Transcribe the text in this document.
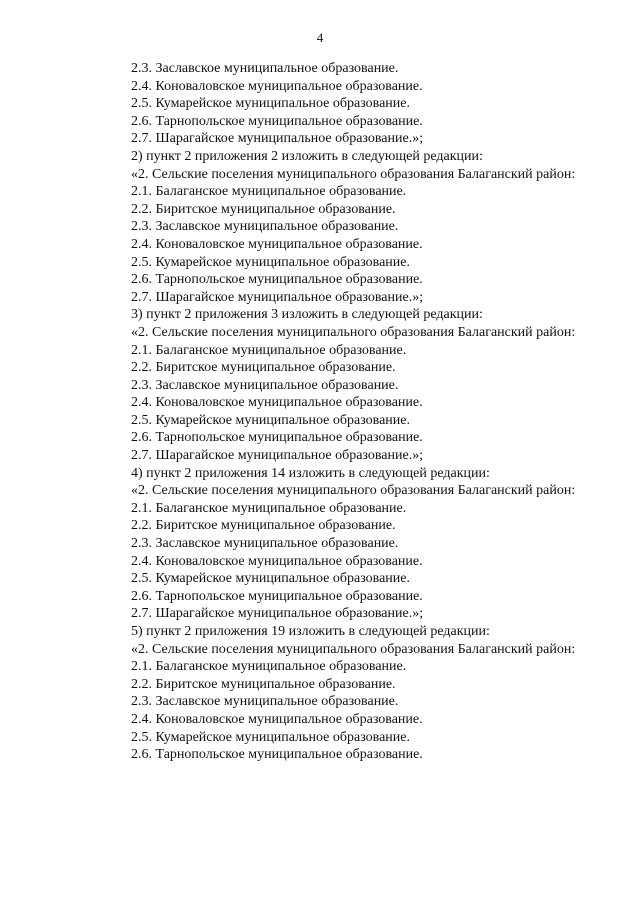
4
2.3. Заславское муниципальное образование.
2.4. Коноваловское муниципальное образование.
2.5. Кумарейское муниципальное образование.
2.6. Тарнопольское муниципальное образование.
2.7. Шарагайское муниципальное образование.»;
2) пункт 2 приложения 2 изложить в следующей редакции:
«2. Сельские поселения муниципального образования Балаганский район:
2.1. Балаганское муниципальное образование.
2.2. Биритское муниципальное образование.
2.3. Заславское муниципальное образование.
2.4. Коноваловское муниципальное образование.
2.5. Кумарейское муниципальное образование.
2.6. Тарнопольское муниципальное образование.
2.7. Шарагайское муниципальное образование.»;
3) пункт 2 приложения 3 изложить в следующей редакции:
«2. Сельские поселения муниципального образования Балаганский район:
2.1. Балаганское муниципальное образование.
2.2. Биритское муниципальное образование.
2.3. Заславское муниципальное образование.
2.4. Коноваловское муниципальное образование.
2.5. Кумарейское муниципальное образование.
2.6. Тарнопольское муниципальное образование.
2.7. Шарагайское муниципальное образование.»;
4) пункт 2 приложения 14 изложить в следующей редакции:
«2. Сельские поселения муниципального образования Балаганский район:
2.1. Балаганское муниципальное образование.
2.2. Биритское муниципальное образование.
2.3. Заславское муниципальное образование.
2.4. Коноваловское муниципальное образование.
2.5. Кумарейское муниципальное образование.
2.6. Тарнопольское муниципальное образование.
2.7. Шарагайское муниципальное образование.»;
5) пункт 2 приложения 19 изложить в следующей редакции:
«2. Сельские поселения муниципального образования Балаганский район:
2.1. Балаганское муниципальное образование.
2.2. Биритское муниципальное образование.
2.3. Заславское муниципальное образование.
2.4. Коноваловское муниципальное образование.
2.5. Кумарейское муниципальное образование.
2.6. Тарнопольское муниципальное образование.
